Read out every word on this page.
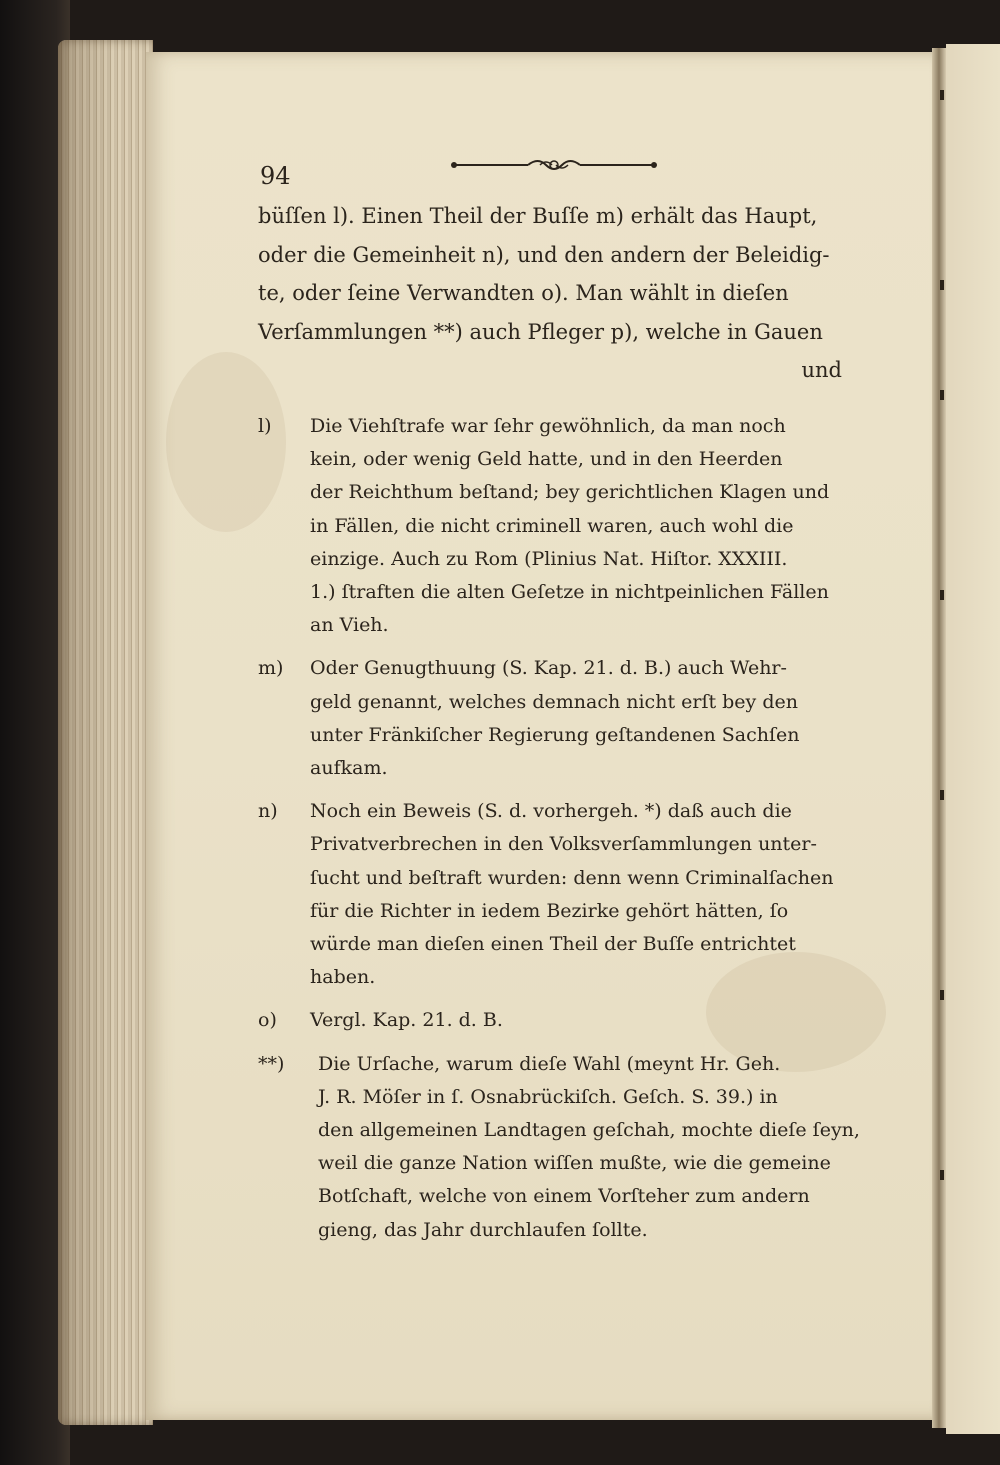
94
büſſen l). Einen Theil der Buſſe m) erhält das Haupt,
oder die Gemeinheit n), und den andern der Beleidig-
te, oder ſeine Verwandten o). Man wählt in dieſen
Verſammlungen **) auch Pfleger p), welche in Gauen
und
l)	Die Viehſtrafe war ſehr gewöhnlich, da man noch
kein, oder wenig Geld hatte, und in den Heerden
der Reichthum beſtand; bey gerichtlichen Klagen und
in Fällen, die nicht criminell waren, auch wohl die
einzige. Auch zu Rom (Plinius Nat. Hiſtor. XXXIII.
1.) ſtraften die alten Geſetze in nichtpeinlichen Fällen
an Vieh.
m)	Oder Genugthuung (S. Kap. 21. d. B.) auch Wehr-
geld genannt, welches demnach nicht erſt bey den
unter Fränkiſcher Regierung geſtandenen Sachſen
aufkam.
n)	Noch ein Beweis (S. d. vorhergeh. *) daß auch die
Privatverbrechen in den Volksverſammlungen unter-
ſucht und beſtraft wurden: denn wenn Criminalſachen
für die Richter in iedem Bezirke gehört hätten, ſo
würde man dieſen einen Theil der Buſſe entrichtet
haben.
o)	Vergl. Kap. 21. d. B.
**)	Die Urſache, warum dieſe Wahl (meynt Hr. Geh.
J. R. Möſer in ſ. Osnabrückiſch. Geſch. S. 39.) in
den allgemeinen Landtagen geſchah, mochte dieſe ſeyn,
weil die ganze Nation wiſſen mußte, wie die gemeine
Botſchaft, welche von einem Vorſteher zum andern
gieng, das Jahr durchlaufen ſollte.
